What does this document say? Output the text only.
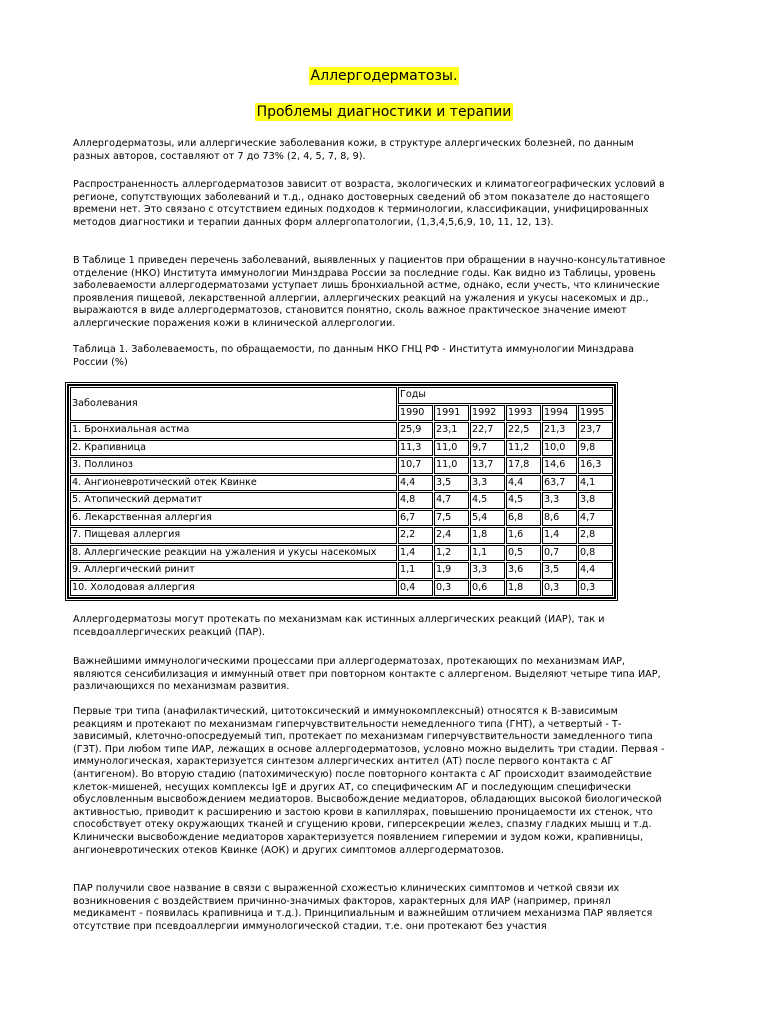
Аллергодерматозы.
Проблемы диагностики и терапии

Аллергодерматозы, или аллергические заболевания кожи, в структуре аллергических болезней, по данным разных авторов, составляют от 7 до 73% (2, 4, 5, 7, 8, 9).

Распространенность аллергодерматозов зависит от возраста, экологических и климатогеографических условий в регионе, сопутствующих заболеваний и т.д., однако достоверных сведений об этом показателе до настоящего времени нет. Это связано с отсутствием единых подходов к терминологии, классификации, унифицированных методов диагностики и терапии данных форм аллергопатологии, (1,3,4,5,6,9, 10, 11, 12, 13).

В Таблице 1 приведен перечень заболеваний, выявленных у пациентов при обращении в научно-консультативное отделение (НКО) Института иммунологии Минздрава России за последние годы. Как видно из Таблицы, уровень заболеваемости аллергодерматозами уступает лишь бронхиальной астме, однако, если учесть, что клинические проявления пищевой, лекарственной аллергии, аллергических реакций на ужаления и укусы насекомых и др., выражаются в виде аллергодерматозов, становится понятно, сколь важное практическое значение имеют аллергические поражения кожи в клинической аллергологии.

Таблица 1. Заболеваемость, по обращаемости, по данным НКО ГНЦ РФ - Института иммунологии Минздрава России (%)

Заболевания	Годы					
	1990	1991	1992	1993	1994	1995
1. Бронхиальная астма	25,9	23,1	22,7	22,5	21,3	23,7
2. Крапивница	11,3	11,0	9,7	11,2	10,0	9,8
3. Поллиноз	10,7	11,0	13,7	17,8	14,6	16,3
4. Ангионевротический отек Квинке	4,4	3,5	3,3	4,4	63,7	4,1
5. Атопический дерматит	4,8	4,7	4,5	4,5	3,3	3,8
6. Лекарственная аллергия	6,7	7,5	5,4	6,8	8,6	4,7
7. Пищевая аллергия	2,2	2,4	1,8	1,6	1,4	2,8
8. Аллергические реакции на ужаления и укусы насекомых	1,4	1,2	1,1	0,5	0,7	0,8
9. Аллергический ринит	1,1	1,9	3,3	3,6	3,5	4,4
10. Холодовая аллергия	0,4	0,3	0,6	1,8	0,3	0,3

Аллергодерматозы могут протекать по механизмам как истинных аллергических реакций (ИАР), так и псевдоаллергических реакций (ПАР).

Важнейшими иммунологическими процессами при аллергодерматозах, протекающих по механизмам ИАР, являются сенсибилизация и иммунный ответ при повторном контакте с аллергеном. Выделяют четыре типа ИАР, различающихся по механизмам развития.

Первые три типа (анафилактический, цитотоксический и иммунокомплексный) относятся к В-зависимым реакциям и протекают по механизмам гиперчувствительности немедленного типа (ГНТ), а четвертый - Т-зависимый, клеточно-опосредуемый тип, протекает по механизмам гиперчувствительности замедленного типа (ГЗТ). При любом типе ИАР, лежащих в основе аллергодерматозов, условно можно выделить три стадии. Первая - иммунологическая, характеризуется синтезом аллергических антител (АТ) после первого контакта с АГ (антигеном). Во вторую стадию (патохимическую) после повторного контакта с АГ происходит взаимодействие клеток-мишеней, несущих комплексы IgE и других АТ, со специфическим АГ и последующим специфически обусловленным высвобождением медиаторов. Высвобождение медиаторов, обладающих высокой биологической активностью, приводит к расширению и застою крови в капиллярах, повышению проницаемости их стенок, что способствует отеку окружающих тканей и сгущению крови, гиперсекреции желез, спазму гладких мышц и т.д. Клинически высвобождение медиаторов характеризуется появлением гиперемии и зудом кожи, крапивницы, ангионевротических отеков Квинке (АОК) и других симптомов аллергодерматозов.

ПАР получили свое название в связи с выраженной схожестью клинических симптомов и четкой связи их возникновения с воздействием причинно-значимых факторов, характерных для ИАР (например, принял медикамент - появилась крапивница и т.д.). Принципиальным и важнейшим отличием механизма ПАР является отсутствие при псевдоаллергии иммунологической стадии, т.е. они протекают без участия
